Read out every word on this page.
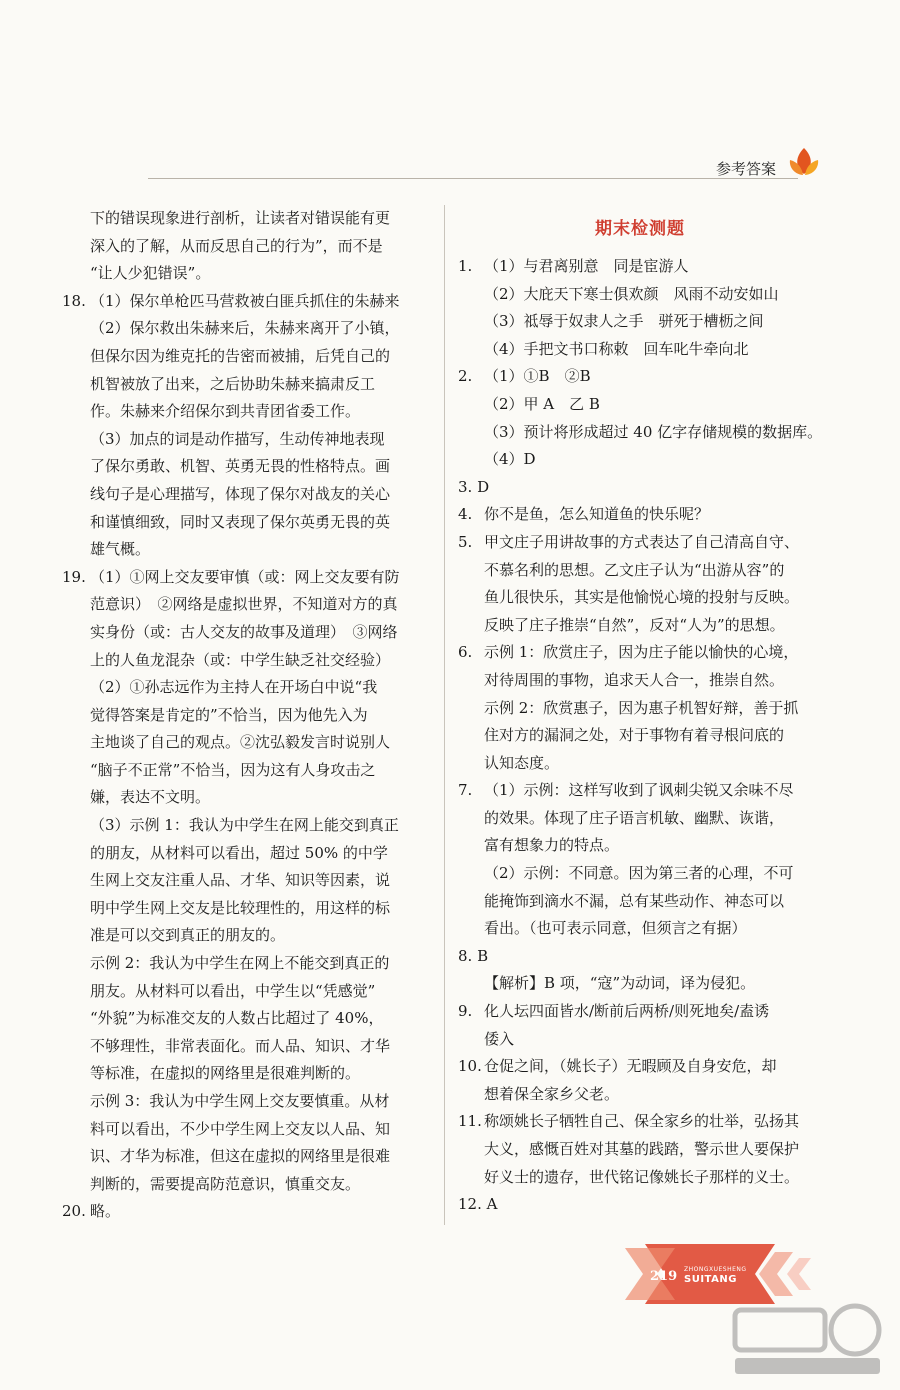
参考答案
下的错误现象进行剖析，让读者对错误能有更
深入的了解，从而反思自己的行为”，而不是
“让人少犯错误”。
18. （1）保尔单枪匹马营救被白匪兵抓住的朱赫来
（2）保尔救出朱赫来后，朱赫来离开了小镇，
但保尔因为维克托的告密而被捕，后凭自己的
机智被放了出来，之后协助朱赫来搞肃反工
作。朱赫来介绍保尔到共青团省委工作。
（3）加点的词是动作描写，生动传神地表现
了保尔勇敢、机智、英勇无畏的性格特点。画
线句子是心理描写，体现了保尔对战友的关心
和谨慎细致，同时又表现了保尔英勇无畏的英
雄气概。
19. （1）①网上交友要审慎（或：网上交友要有防
范意识）　②网络是虚拟世界，不知道对方的真
实身份（或：古人交友的故事及道理）　③网络
上的人鱼龙混杂（或：中学生缺乏社交经验）
（2）①孙志远作为主持人在开场白中说“我
觉得答案是肯定的”不恰当，因为他先入为
主地谈了自己的观点。②沈弘毅发言时说别人
“脑子不正常”不恰当，因为这有人身攻击之
嫌，表达不文明。
（3）示例 1：我认为中学生在网上能交到真正
的朋友，从材料可以看出，超过 50% 的中学
生网上交友注重人品、才华、知识等因素，说
明中学生网上交友是比较理性的，用这样的标
准是可以交到真正的朋友的。
示例 2：我认为中学生在网上不能交到真正的
朋友。从材料可以看出，中学生以“凭感觉”
“外貌”为标准交友的人数占比超过了 40%，
不够理性，非常表面化。而人品、知识、才华
等标准，在虚拟的网络里是很难判断的。
示例 3：我认为中学生网上交友要慎重。从材
料可以看出，不少中学生网上交友以人品、知
识、才华为标准，但这在虚拟的网络里是很难
判断的，需要提高防范意识，慎重交友。
20. 略。
期末检测题
1. （1）与君离别意　同是宦游人
（2）大庇天下寒士俱欢颜　风雨不动安如山
（3）祗辱于奴隶人之手　骈死于槽枥之间
（4）手把文书口称敕　回车叱牛牵向北
2. （1）①B　②B
（2）甲 A　乙 B
（3）预计将形成超过 40 亿字存储规模的数据库。
（4）D
3. D
4. 你不是鱼，怎么知道鱼的快乐呢？
5. 甲文庄子用讲故事的方式表达了自己清高自守、
不慕名利的思想。乙文庄子认为“出游从容”的
鱼儿很快乐，其实是他愉悦心境的投射与反映。
反映了庄子推崇“自然”，反对“人为”的思想。
6. 示例 1：欣赏庄子，因为庄子能以愉快的心境，
对待周围的事物，追求天人合一，推崇自然。
示例 2：欣赏惠子，因为惠子机智好辩，善于抓
住对方的漏洞之处，对于事物有着寻根问底的
认知态度。
7. （1）示例：这样写收到了讽刺尖锐又余味不尽
的效果。体现了庄子语言机敏、幽默、诙谐，
富有想象力的特点。
（2）示例：不同意。因为第三者的心理，不可
能掩饰到滴水不漏，总有某些动作、神态可以
看出。（也可表示同意，但须言之有据）
8. B
【解析】B 项，“寇”为动词，译为侵犯。
9. 化人坛四面皆水/断前后两桥/则死地矣/盍诱
倭入
10. 仓促之间，（姚长子）无暇顾及自身安危，却
想着保全家乡父老。
11. 称颂姚长子牺牲自己、保全家乡的壮举，弘扬其
大义，感慨百姓对其墓的践踏，警示世人要保护
好义士的遗存，世代铭记像姚长子那样的义士。
12. A
219 ZHONGXUESHENG
SUITANG
